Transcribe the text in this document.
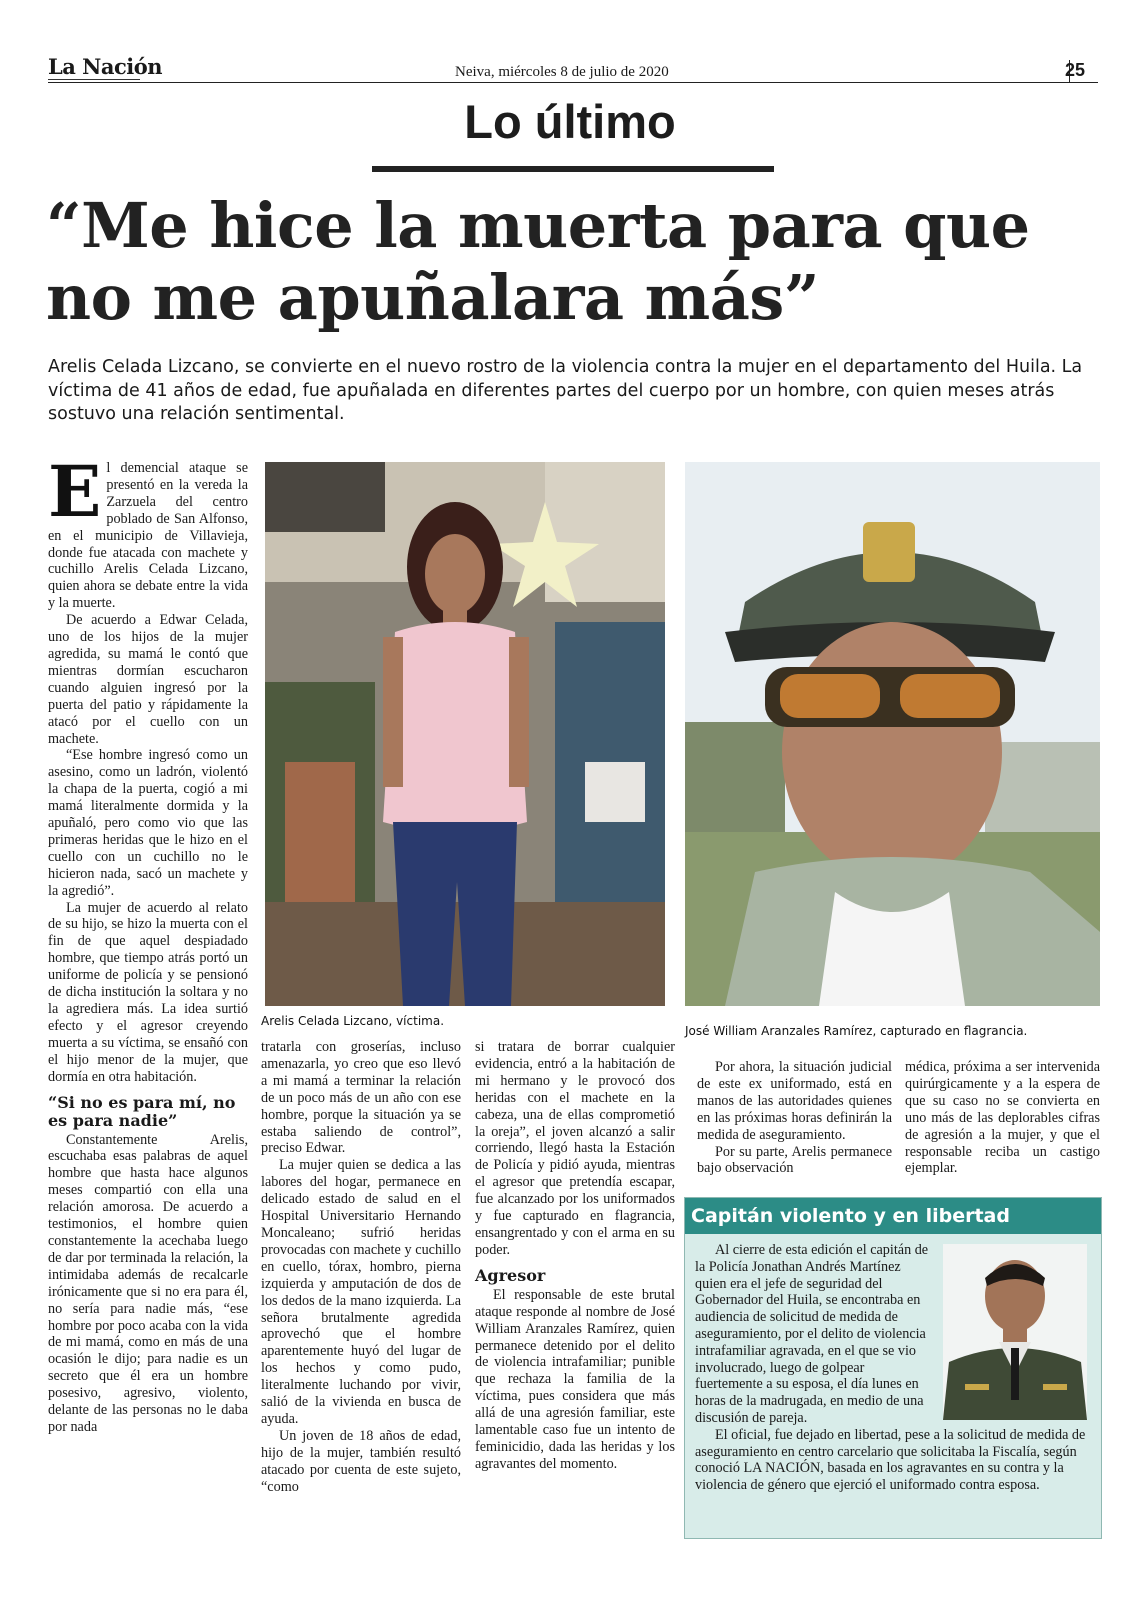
La Nación	Neiva, miércoles 8 de julio de 2020	25
Lo último
“Me hice la muerta para que
no me apuñalara más”
Arelis Celada Lizcano, se convierte en el nuevo rostro de la violencia contra la mujer en el departamento del Huila. La víctima de 41 años de edad, fue apuñalada en diferentes partes del cuerpo por un hombre, con quien meses atrás sostuvo una relación sentimental.
Arelis Celada Lizcano, víctima.
José William Aranzales Ramírez, capturado en flagrancia.

El demencial ataque se presentó en la vereda la Zarzuela del centro poblado de San Alfonso, en el municipio de Villavieja, donde fue atacada con machete y cuchillo Arelis Celada Lizcano, quien ahora se debate entre la vida y la muerte.

De acuerdo a Edwar Celada, uno de los hijos de la mujer agredida, su mamá le contó que mientras dormían escucharon cuando alguien ingresó por la puerta del patio y rápidamente la atacó por el cuello con un machete.

“Ese hombre ingresó como un asesino, como un ladrón, violentó la chapa de la puerta, cogió a mi mamá literalmente dormida y la apuñaló, pero como vio que las primeras heridas que le hizo en el cuello con un cuchillo no le hicieron nada, sacó un machete y la agredió”.

La mujer de acuerdo al relato de su hijo, se hizo la muerta con el fin de que aquel despiadado hombre, que tiempo atrás portó un uniforme de policía y se pensionó de dicha institución la soltara y no la agrediera más. La idea surtió efecto y el agresor creyendo muerta a su víctima, se ensañó con el hijo menor de la mujer, que dormía en otra habitación.

“Si no es para mí, no es para nadie”

Constantemente Arelis, escuchaba esas palabras de aquel hombre que hasta hace algunos meses compartió con ella una relación amorosa. De acuerdo a testimonios, el hombre quien constantemente la acechaba luego de dar por terminada la relación, la intimidaba además de recalcarle irónicamente que si no era para él, no sería para nadie más, “ese hombre por poco acaba con la vida de mi mamá, como en más de una ocasión le dijo; para nadie es un secreto que él era un hombre posesivo, agresivo, violento, delante de las personas no le daba por nada

tratarla con groserías, incluso amenazarla, yo creo que eso llevó a mi mamá a terminar la relación de un poco más de un año con ese hombre, porque la situación ya se estaba saliendo de control”, preciso Edwar.

La mujer quien se dedica a las labores del hogar, permanece en delicado estado de salud en el Hospital Universitario Hernando Moncaleano; sufrió heridas provocadas con machete y cuchillo en cuello, tórax, hombro, pierna izquierda y amputación de dos de los dedos de la mano izquierda. La señora brutalmente agredida aprovechó que el hombre aparentemente huyó del lugar de los hechos y como pudo, literalmente luchando por vivir, salió de la vivienda en busca de ayuda.

Un joven de 18 años de edad, hijo de la mujer, también resultó atacado por cuenta de este sujeto, “como

si tratara de borrar cualquier evidencia, entró a la habitación de mi hermano y le provocó dos heridas con el machete en la cabeza, una de ellas comprometió la oreja”, el joven alcanzó a salir corriendo, llegó hasta la Estación de Policía y pidió ayuda, mientras el agresor que pretendía escapar, fue alcanzado por los uniformados y fue capturado en flagrancia, ensangrentado y con el arma en su poder.

Agresor

El responsable de este brutal ataque responde al nombre de José William Aranzales Ramírez, quien permanece detenido por el delito de violencia intrafamiliar; punible que rechaza la familia de la víctima, pues considera que más allá de una agresión familiar, este lamentable caso fue un intento de feminicidio, dada las heridas y los agravantes del momento.

Por ahora, la situación judicial de este ex uniformado, está en manos de las autoridades quienes en las próximas horas definirán la medida de aseguramiento.

Por su parte, Arelis permanece bajo observación

médica, próxima a ser intervenida quirúrgicamente y a la espera de que su caso no se convierta en uno más de las deplorables cifras de agresión a la mujer, y que el responsable reciba un castigo ejemplar.

Capitán violento y en libertad

Al cierre de esta edición el capitán de la Policía Jonathan Andrés Martínez quien era el jefe de seguridad del Gobernador del Huila, se encontraba en audiencia de solicitud de medida de aseguramiento, por el delito de violencia intrafamiliar agravada, en el que se vio involucrado, luego de golpear fuertemente a su esposa, el día lunes en horas de la madrugada, en medio de una discusión de pareja.

El oficial, fue dejado en libertad, pese a la solicitud de medida de aseguramiento en centro carcelario que solicitaba la Fiscalía, según conoció LA NACIÓN, basada en los agravantes en su contra y la violencia de género que ejerció el uniformado contra esposa.
